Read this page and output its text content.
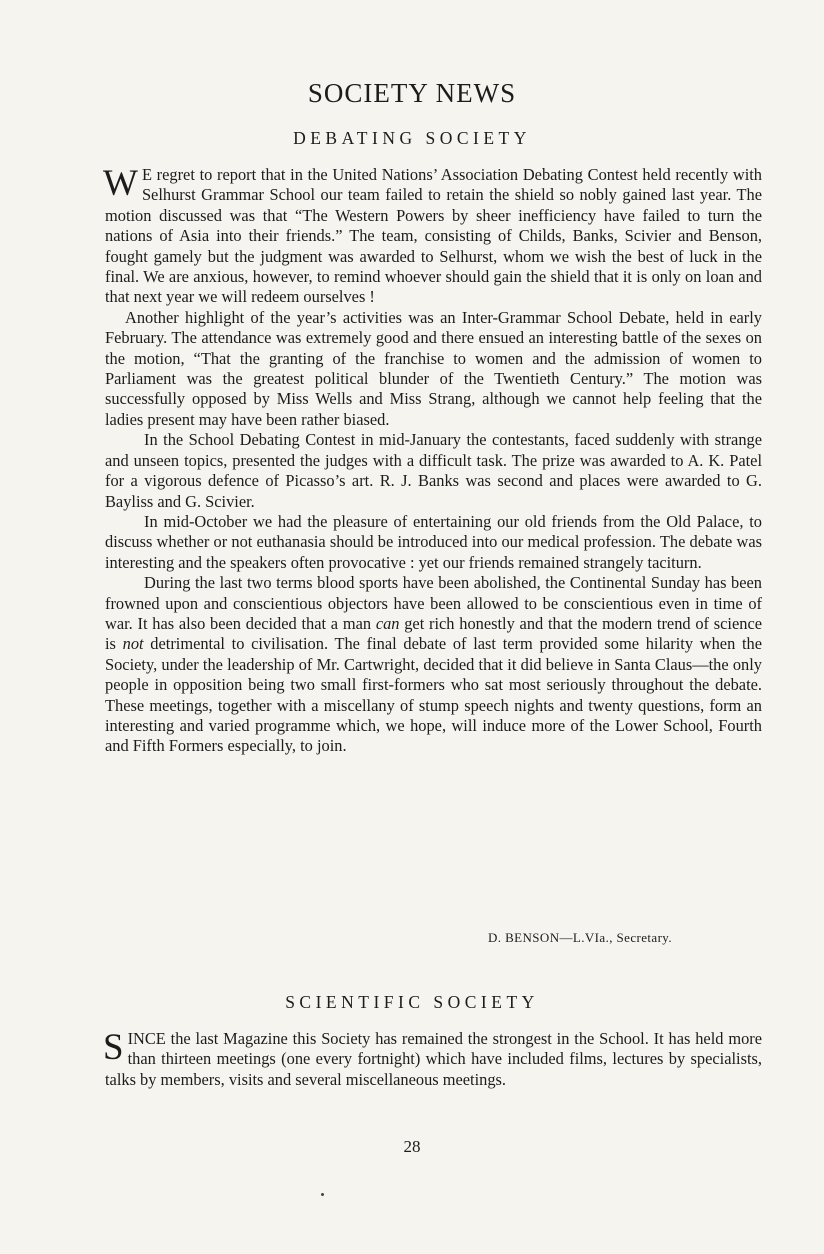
SOCIETY NEWS
DEBATING SOCIETY

W E regret to report that in the United Nations’ Association Debating Contest held recently with Selhurst Grammar School our team failed to retain the shield so nobly gained last year. The motion discussed was that “The Western Powers by sheer inefficiency have failed to turn the nations of Asia into their friends.” The team, consisting of Childs, Banks, Scivier and Benson, fought gamely but the judgment was awarded to Selhurst, whom we wish the best of luck in the final. We are anxious, however, to remind whoever should gain the shield that it is only on loan and that next year we will redeem ourselves !

Another highlight of the year’s activities was an Inter-Grammar School Debate, held in early February. The attendance was extremely good and there ensued an interesting battle of the sexes on the motion, “That the granting of the franchise to women and the admission of women to Parliament was the greatest political blunder of the Twentieth Century.” The motion was successfully opposed by Miss Wells and Miss Strang, although we cannot help feeling that the ladies present may have been rather biased.

In the School Debating Contest in mid-January the contestants, faced suddenly with strange and unseen topics, presented the judges with a difficult task. The prize was awarded to A. K. Patel for a vigorous defence of Picasso’s art. R. J. Banks was second and places were awarded to G. Bayliss and G. Scivier.

In mid-October we had the pleasure of entertaining our old friends from the Old Palace, to discuss whether or not euthanasia should be introduced into our medical profession. The debate was interesting and the speakers often provocative : yet our friends remained strangely taciturn.

During the last two terms blood sports have been abolished, the Continental Sunday has been frowned upon and conscientious objectors have been allowed to be conscientious even in time of war. It has also been decided that a man can get rich honestly and that the modern trend of science is not detrimental to civilisation. The final debate of last term provided some hilarity when the Society, under the leadership of Mr. Cartwright, decided that it did believe in Santa Claus—the only people in opposition being two small first-formers who sat most seriously throughout the debate. These meetings, together with a miscellany of stump speech nights and twenty questions, form an interesting and varied programme which, we hope, will induce more of the Lower School, Fourth and Fifth Formers especially, to join.

D. BENSON—L.VIa., Secretary.
SCIENTIFIC SOCIETY

SINCE the last Magazine this Society has remained the strongest in the School. It has held more than thirteen meetings (one every fortnight) which have included films, lectures by specialists, talks by members, visits and several miscellaneous meetings.

28
